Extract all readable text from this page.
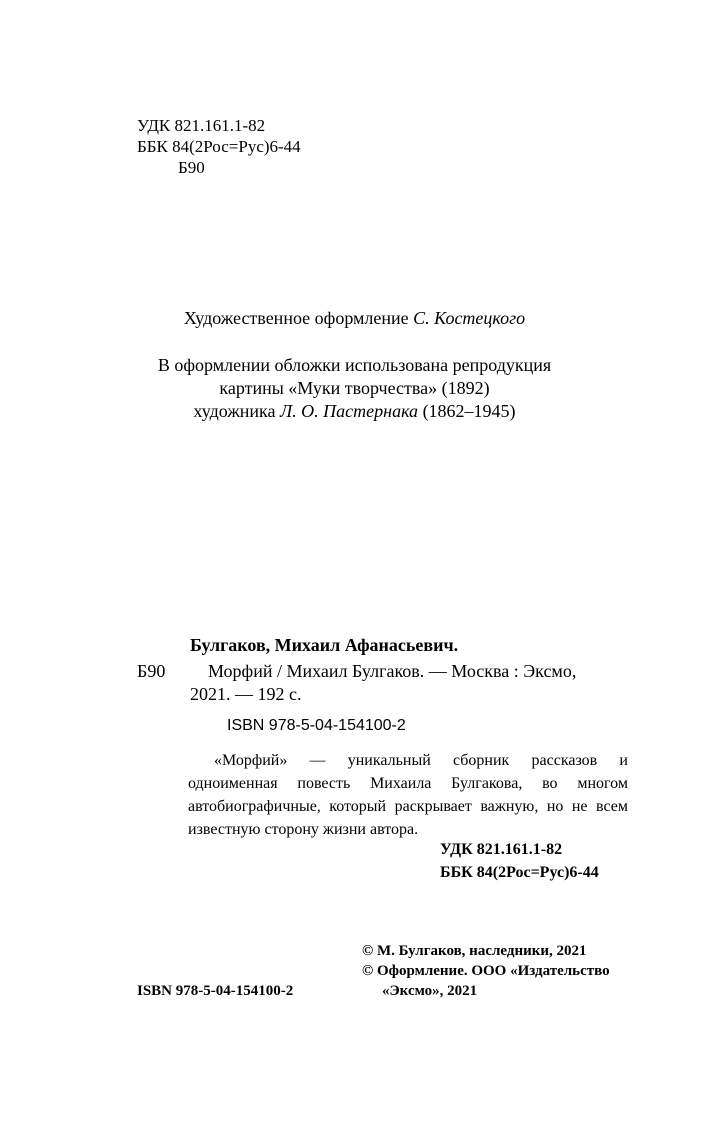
УДК 821.161.1-82
ББК 84(2Рос=Рус)6-44
Б90
Художественное оформление С. Костецкого
В оформлении обложки использована репродукция
картины «Муки творчества» (1892)
художника Л. О. Пастернака (1862–1945)
Булгаков, Михаил Афанасьевич.
Б90 Морфий / Михаил Булгаков. — Москва : Эксмо,
2021. — 192 с.
ISBN 978-5-04-154100-2
«Морфий» — уникальный сборник рассказов и одноименная повесть Михаила Булгакова, во многом автобиографичные, который раскрывает важную, но не всем известную сторону жизни автора.
УДК 821.161.1-82
ББК 84(2Рос=Рус)6-44
ISBN 978-5-04-154100-2
© М. Булгаков, наследники, 2021
© Оформление. ООО «Издательство
«Эксмо», 2021
